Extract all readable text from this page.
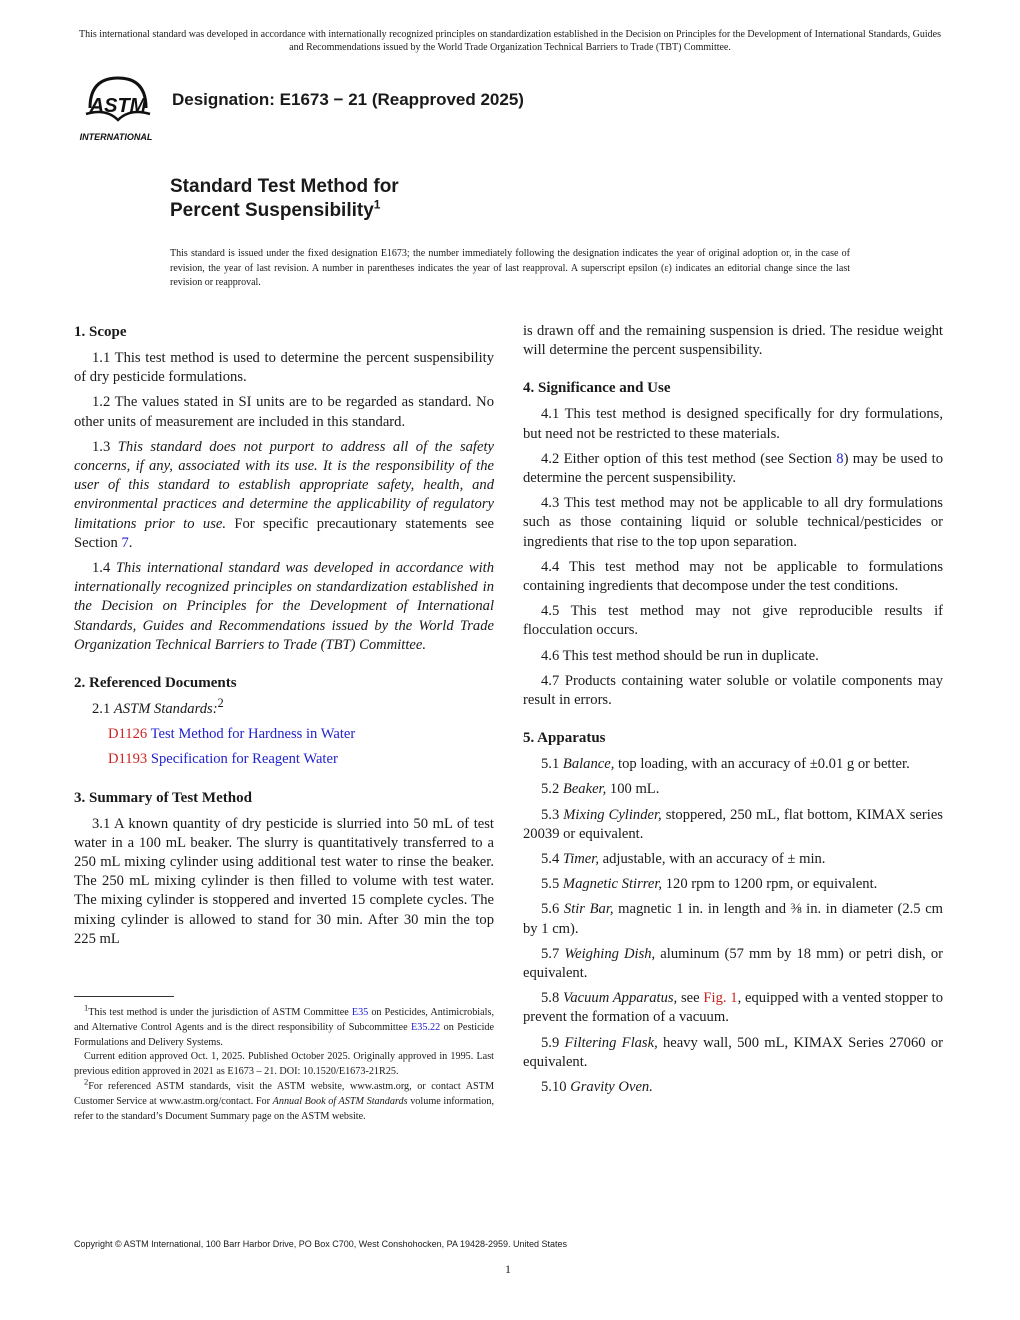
This international standard was developed in accordance with internationally recognized principles on standardization established in the Decision on Principles for the Development of International Standards, Guides and Recommendations issued by the World Trade Organization Technical Barriers to Trade (TBT) Committee.
ASTM
INTERNATIONAL
Designation: E1673 − 21 (Reapproved 2025)
Standard Test Method for
Percent Suspensibility$^1$
This standard is issued under the fixed designation E1673; the number immediately following the designation indicates the year of original adoption or, in the case of revision, the year of last revision. A number in parentheses indicates the year of last reapproval. A superscript epsilon (ε) indicates an editorial change since the last revision or reapproval.
1. Scope

1.1 This test method is used to determine the percent suspensibility of dry pesticide formulations.

1.2 The values stated in SI units are to be regarded as standard. No other units of measurement are included in this standard.

1.3 This standard does not purport to address all of the safety concerns, if any, associated with its use. It is the responsibility of the user of this standard to establish appropriate safety, health, and environmental practices and determine the applicability of regulatory limitations prior to use. For specific precautionary statements see Section 7.

1.4 This international standard was developed in accordance with internationally recognized principles on standardization established in the Decision on Principles for the Development of International Standards, Guides and Recommendations issued by the World Trade Organization Technical Barriers to Trade (TBT) Committee.

2. Referenced Documents

2.1 ASTM Standards:$^2$

D1126 Test Method for Hardness in Water

D1193 Specification for Reagent Water

3. Summary of Test Method

3.1 A known quantity of dry pesticide is slurried into 50 mL of test water in a 100 mL beaker. The slurry is quantitatively transferred to a 250 mL mixing cylinder using additional test water to rinse the beaker. The 250 mL mixing cylinder is then filled to volume with test water. The mixing cylinder is stoppered and inverted 15 complete cycles. The mixing cylinder is allowed to stand for 30 min. After 30 min the top 225 mL

$^1$This test method is under the jurisdiction of ASTM Committee E35 on Pesticides, Antimicrobials, and Alternative Control Agents and is the direct responsibility of Subcommittee E35.22 on Pesticide Formulations and Delivery Systems.

Current edition approved Oct. 1, 2025. Published October 2025. Originally approved in 1995. Last previous edition approved in 2021 as E1673 – 21. DOI: 10.1520/E1673-21R25.

$^2$For referenced ASTM standards, visit the ASTM website, www.astm.org, or contact ASTM Customer Service at www.astm.org/contact. For Annual Book of ASTM Standards volume information, refer to the standard’s Document Summary page on the ASTM website.

is drawn off and the remaining suspension is dried. The residue weight will determine the percent suspensibility.

4. Significance and Use

4.1 This test method is designed specifically for dry formulations, but need not be restricted to these materials.

4.2 Either option of this test method (see Section 8) may be used to determine the percent suspensibility.

4.3 This test method may not be applicable to all dry formulations such as those containing liquid or soluble technical/pesticides or ingredients that rise to the top upon separation.

4.4 This test method may not be applicable to formulations containing ingredients that decompose under the test conditions.

4.5 This test method may not give reproducible results if flocculation occurs.

4.6 This test method should be run in duplicate.

4.7 Products containing water soluble or volatile components may result in errors.

5. Apparatus

5.1 Balance, top loading, with an accuracy of ±0.01 g or better.

5.2 Beaker, 100 mL.

5.3 Mixing Cylinder, stoppered, 250 mL, flat bottom, KIMAX series 20039 or equivalent.

5.4 Timer, adjustable, with an accuracy of ± min.

5.5 Magnetic Stirrer, 120 rpm to 1200 rpm, or equivalent.

5.6 Stir Bar, magnetic 1 in. in length and ⅜ in. in diameter (2.5 cm by 1 cm).

5.7 Weighing Dish, aluminum (57 mm by 18 mm) or petri dish, or equivalent.

5.8 Vacuum Apparatus, see Fig. 1, equipped with a vented stopper to prevent the formation of a vacuum.

5.9 Filtering Flask, heavy wall, 500 mL, KIMAX Series 27060 or equivalent.

5.10 Gravity Oven.

Copyright © ASTM International, 100 Barr Harbor Drive, PO Box C700, West Conshohocken, PA 19428-2959. United States
1
